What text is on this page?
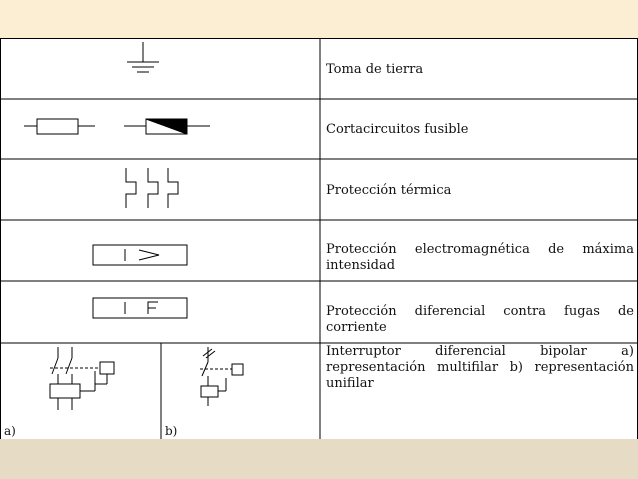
Toma de tierra
Cortacircuitos fusible
Protección térmica
Protección electromagnética de máxima intensidad
Protección diferencial contra fugas de corriente
Interruptor diferencial bipolar a) representación multifilar b) representación unifilar
a)	b)
